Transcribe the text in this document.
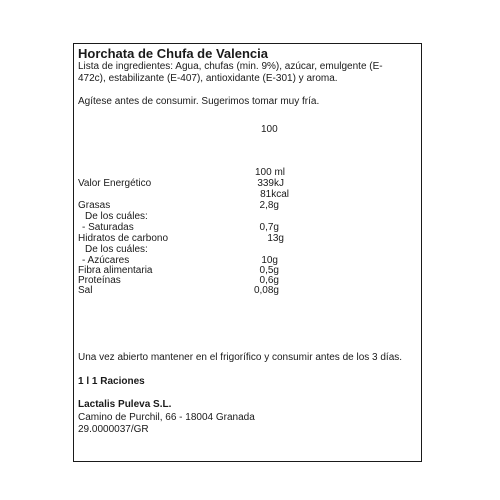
Horchata de Chufa de Valencia
Lista de ingredientes: Agua, chufas (min. 9%), azúcar, emulgente (E-472c), estabilizante (E-407), antioxidante (E-301) y aroma.
Agítese antes de consumir. Sugerimos tomar muy fría.
100
100 ml
Valor Energético	339kJ
81kcal
Grasas	2,8g
De los cuáles:
- Saturadas	0,7g
Hidratos de carbono	13g
De los cuáles:
- Azúcares	10g
Fibra alimentaria	0,5g
Proteínas	0,6g
Sal	0,08g
Una vez abierto mantener en el frigorífico y consumir antes de los 3 días.
1 l 1 Raciones
Lactalis Puleva S.L.
Camino de Purchil, 66 - 18004 Granada
29.0000037/GR
